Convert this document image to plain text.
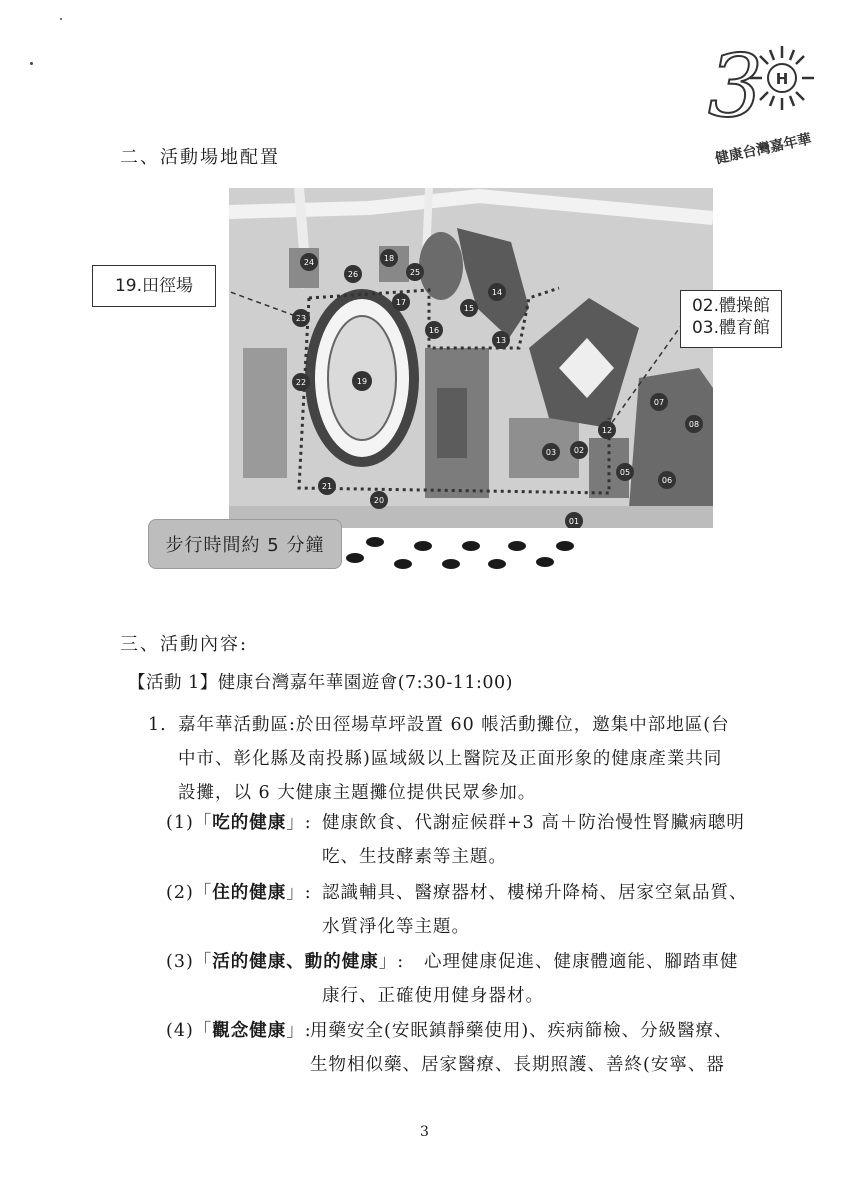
3 H
健康台灣嘉年華
二、活動場地配置
01
02
03
05
06
07
08
12
13
14
15
16
17
18
19
20
21
22
23
24
25
26
19.田徑場
02.體操館
03.體育館
步行時間約 5 分鐘
三、活動內容:
【活動 1】健康台灣嘉年華園遊會(7:30-11:00)
1. 嘉年華活動區:於田徑場草坪設置 60 帳活動攤位，邀集中部地區(台
中市、彰化縣及南投縣)區域級以上醫院及正面形象的健康產業共同
設攤，以 6 大健康主題攤位提供民眾參加。
(1)「吃的健康」: 健康飲食、代謝症候群+3 高＋防治慢性腎臟病聰明
吃、生技酵素等主題。
(2)「住的健康」: 認識輔具、醫療器材、樓梯升降椅、居家空氣品質、
水質淨化等主題。
(3)「活的健康、動的健康」: 心理健康促進、健康體適能、腳踏車健
康行、正確使用健身器材。
(4)「觀念健康」:
用藥安全(安眠鎮靜藥使用)、疾病篩檢、分級醫療、
生物相似藥、居家醫療、長期照護、善終(安寧、器
3
